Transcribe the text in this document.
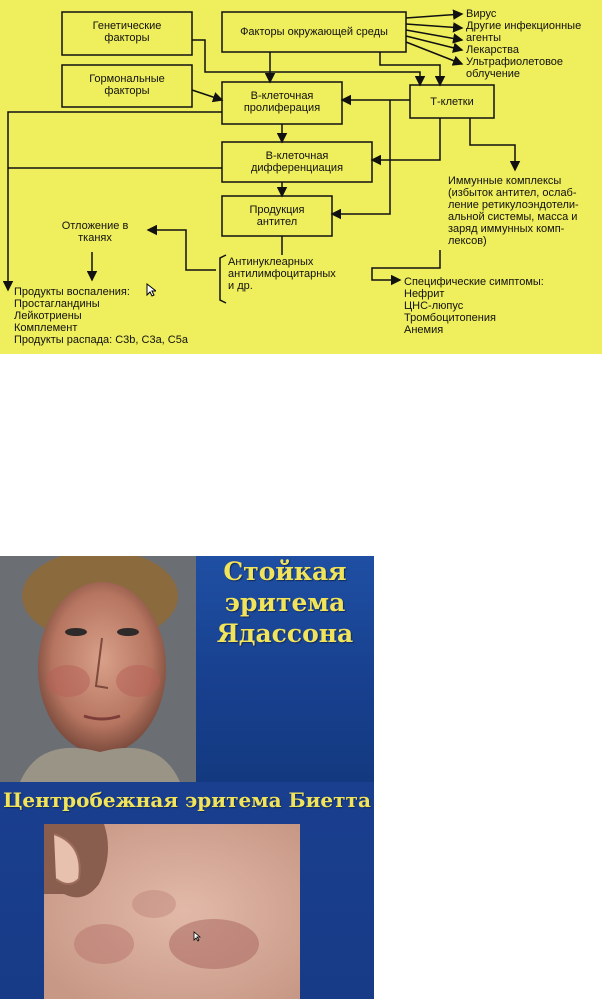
Генетические
факторы
Гормональные
факторы
Факторы окружающей среды
Вирус
Другие инфекционные
агенты
Лекарства
Ультрафиолетовое
облучение
В-клеточная
пролиферация	Т-клетки
В-клеточная
дифференциация
Продукция
антител
Иммунные комплексы
(избыток антител, ослаб-
ление ретикулоэндотели-
альной системы, масса и
заряд иммунных комп-
лексов)
Отложение в
тканях
Антинуклеарных
антилимфоцитарных
и др.	Специфические симптомы:
Нефрит
ЦНС-люпус
Тромбоцитопения
Анемия
Продукты воспаления:
Простагландины
Лейкотриены
Комплемент
Продукты распада: C3b, C3a, C5a
Стойкая
эритема
Ядассона
Центробежная эритема Биетта
